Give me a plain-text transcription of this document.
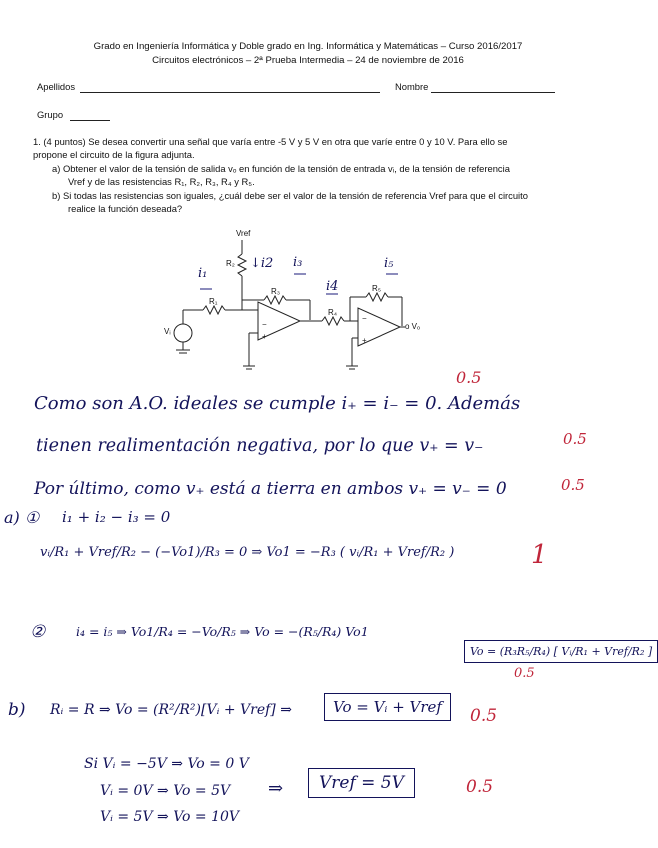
Grado en Ingeniería Informática y Doble grado en Ing. Informática y Matemáticas – Curso 2016/2017
Circuitos electrónicos – 2ª Prueba Intermedia – 24 de noviembre de 2016
Apellidos	Nombre
Grupo
1. (4 puntos) Se desea convertir una señal que varía entre -5 V y 5 V en otra que varíe entre 0 y 10 V. Para ello se
propone el circuito de la figura adjunta.
a) Obtener el valor de la tensión de salida vₒ en función de la tensión de entrada vᵢ, de la tensión de referencia
Vref y de las resistencias R₁, R₂, R₃, R₄ y R₅.
b) Si todas las resistencias son iguales, ¿cuál debe ser el valor de la tensión de referencia Vref para que el circuito
realice la función deseada?
−
+
−
+
Vref
R₂
R₁
R₃
R₄
R₅
Vᵢ
o Vₒ
i₁
↓i2 i₃
i4
i₅
Como son A.O. ideales se cumple i₊ = i₋ = 0. Además
tienen realimentación negativa, por lo que v₊ = v₋
Por último, como v₊ está a tierra en ambos v₊ = v₋ = 0
a) ① i₁ + i₂ − i₃ = 0
vᵢ/R₁ + Vref/R₂ − (−Vo1)/R₃ = 0 ⇒ Vo1 = −R₃ ( vᵢ/R₁ + Vref/R₂ )
② i₄ = i₅ ⇒ Vo1/R₄ = −Vo/R₅ ⇒ Vo = −(R₅/R₄) Vo1
Vo = (R₃R₅/R₄) [ Vᵢ/R₁ + Vref/R₂ ]
b) Rᵢ = R ⇒ Vo = (R²/R²)[Vᵢ + Vref] ⇒	Vo = Vᵢ + Vref
Si Vᵢ = −5V ⇒ Vo = 0 V
Vᵢ = 0V ⇒ Vo = 5V
Vᵢ = 5V ⇒ Vo = 10V
⇒	Vref = 5V
0.5
0.5
0.5
1
0.5
0.5
0.5
